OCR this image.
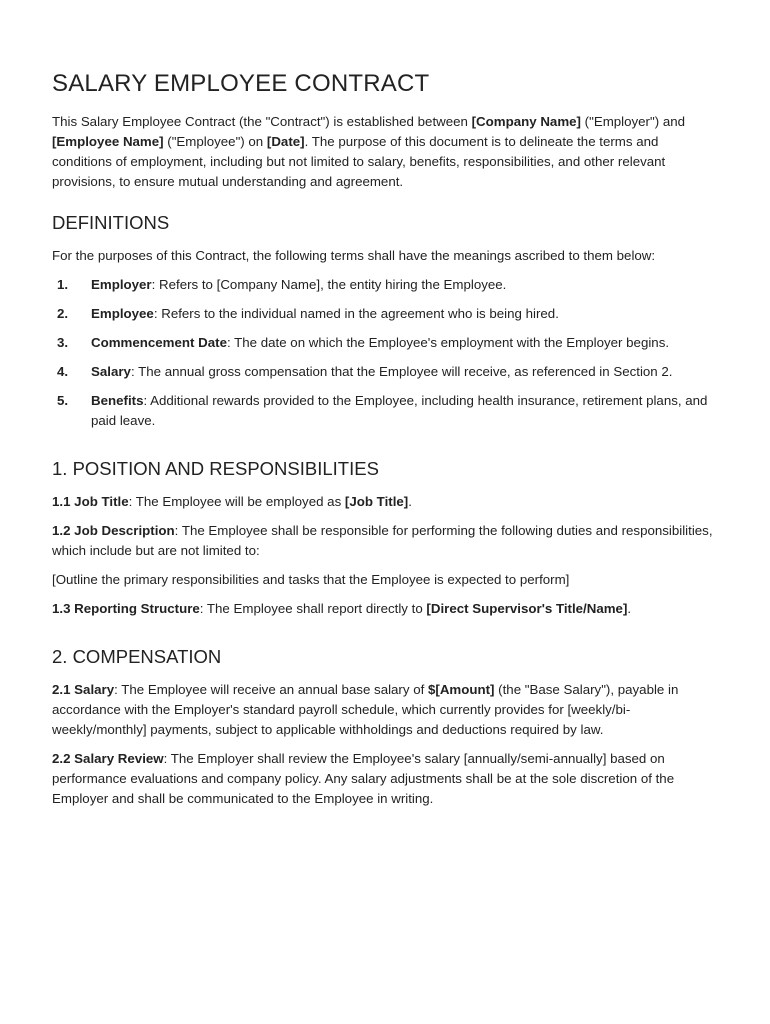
SALARY EMPLOYEE CONTRACT

This Salary Employee Contract (the "Contract") is established between [Company Name] ("Employer") and [Employee Name] ("Employee") on [Date]. The purpose of this document is to delineate the terms and conditions of employment, including but not limited to salary, benefits, responsibilities, and other relevant provisions, to ensure mutual understanding and agreement.

DEFINITIONS

For the purposes of this Contract, the following terms shall have the meanings ascribed to them below:

1. Employer: Refers to [Company Name], the entity hiring the Employee.
2. Employee: Refers to the individual named in the agreement who is being hired.
3. Commencement Date: The date on which the Employee's employment with the Employer begins.
4. Salary: The annual gross compensation that the Employee will receive, as referenced in Section 2.
5. Benefits: Additional rewards provided to the Employee, including health insurance, retirement plans, and paid leave.
1. POSITION AND RESPONSIBILITIES

1.1 Job Title: The Employee will be employed as [Job Title].

1.2 Job Description: The Employee shall be responsible for performing the following duties and responsibilities, which include but are not limited to:

[Outline the primary responsibilities and tasks that the Employee is expected to perform]

1.3 Reporting Structure: The Employee shall report directly to [Direct Supervisor's Title/Name].

2. COMPENSATION

2.1 Salary: The Employee will receive an annual base salary of $[Amount] (the "Base Salary"), payable in accordance with the Employer's standard payroll schedule, which currently provides for [weekly/bi-weekly/monthly] payments, subject to applicable withholdings and deductions required by law.

2.2 Salary Review: The Employer shall review the Employee's salary [annually/semi-annually] based on performance evaluations and company policy. Any salary adjustments shall be at the sole discretion of the Employer and shall be communicated to the Employee in writing.
